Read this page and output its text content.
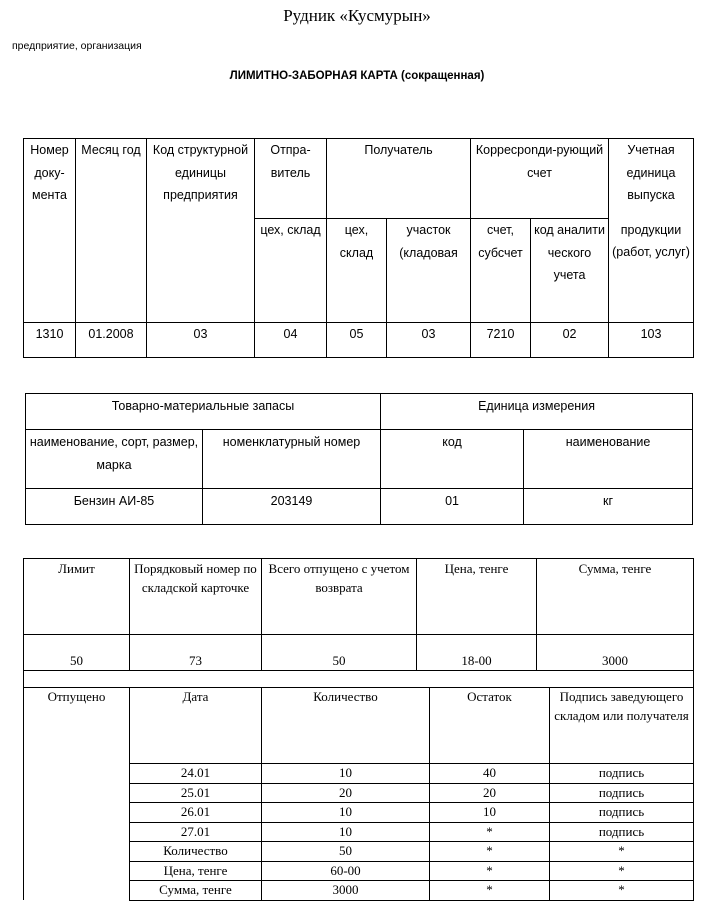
Рудник «Кусмурын»
предприятие, организация
ЛИМИТНО-ЗАБОРНАЯ КАРТА (сокращенная)
Номер доку-мента	Месяц год	Код структурной единицы предприятия	Отпра-витель	Получатель		Корресponди-рующий счет		Учетная единица выпуска
			цех, склад	цех, склад	участок (кладовая	счет, субсчет	код аналити ческого учета	продукции (работ, услуг)
1310	01.2008	03	04	05	03	7210	02	103
Товарно-материальные запасы		Единица измерения	
наименование, сорт, размер, марка	номенклатурный номер	код	наименование
Бензин АИ-85	203149	01	кг
Лимит	Порядковый номер по складской карточке	Всего отпущено с учетом возврата	Цена, тенге	Сумма, тенге
50	73	50	18-00	3000

Отпущено	Дата	Количество	Остаток	Подпись заведующего складом или получателя
	24.01	10	40	подпись
	25.01	20	20	подпись
	26.01	10	10	подпись
	27.01	10	*	подпись
	Количество	50	*	*
	Цена, тенге	60-00	*	*
	Сумма, тенге	3000	*	*
